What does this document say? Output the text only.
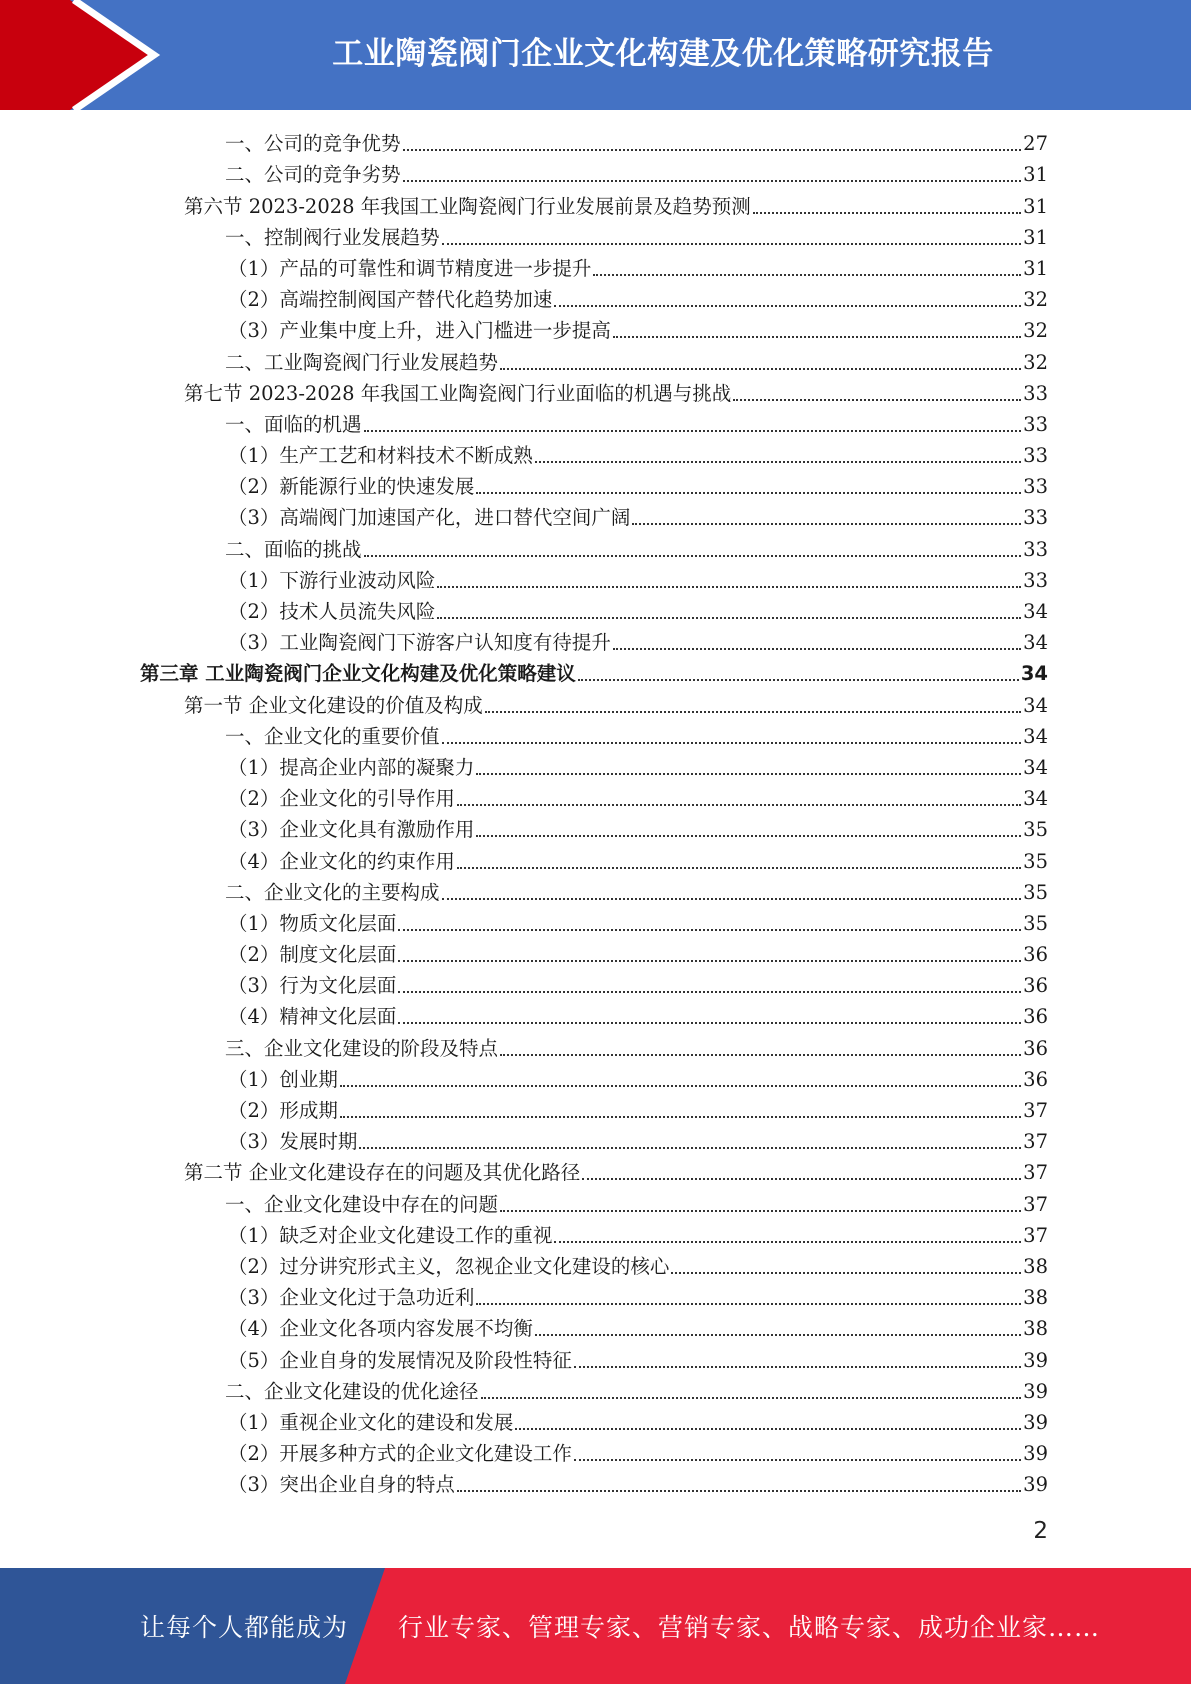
工业陶瓷阀门企业文化构建及优化策略研究报告
一、公司的竞争优势	27
二、公司的竞争劣势	31
第六节 2023-2028 年我国工业陶瓷阀门行业发展前景及趋势预测	31
一、控制阀行业发展趋势	31
（1）产品的可靠性和调节精度进一步提升	31
（2）高端控制阀国产替代化趋势加速	32
（3）产业集中度上升，进入门槛进一步提高	32
二、工业陶瓷阀门行业发展趋势	32
第七节 2023-2028 年我国工业陶瓷阀门行业面临的机遇与挑战	33
一、面临的机遇	33
（1）生产工艺和材料技术不断成熟	33
（2）新能源行业的快速发展	33
（3）高端阀门加速国产化，进口替代空间广阔	33
二、面临的挑战	33
（1）下游行业波动风险	33
（2）技术人员流失风险	34
（3）工业陶瓷阀门下游客户认知度有待提升	34
第三章 工业陶瓷阀门企业文化构建及优化策略建议	34
第一节 企业文化建设的价值及构成	34
一、企业文化的重要价值	34
（1）提高企业内部的凝聚力	34
（2）企业文化的引导作用	34
（3）企业文化具有激励作用	35
（4）企业文化的约束作用	35
二、企业文化的主要构成	35
（1）物质文化层面	35
（2）制度文化层面	36
（3）行为文化层面	36
（4）精神文化层面	36
三、企业文化建设的阶段及特点	36
（1）创业期	36
（2）形成期	37
（3）发展时期	37
第二节 企业文化建设存在的问题及其优化路径	37
一、企业文化建设中存在的问题	37
（1）缺乏对企业文化建设工作的重视	37
（2）过分讲究形式主义，忽视企业文化建设的核心	38
（3）企业文化过于急功近利	38
（4）企业文化各项内容发展不均衡	38
（5）企业自身的发展情况及阶段性特征	39
二、企业文化建设的优化途径	39
（1）重视企业文化的建设和发展	39
（2）开展多种方式的企业文化建设工作	39
（3）突出企业自身的特点	39
2
让每个人都能成为 行业专家、管理专家、营销专家、战略专家、成功企业家……
